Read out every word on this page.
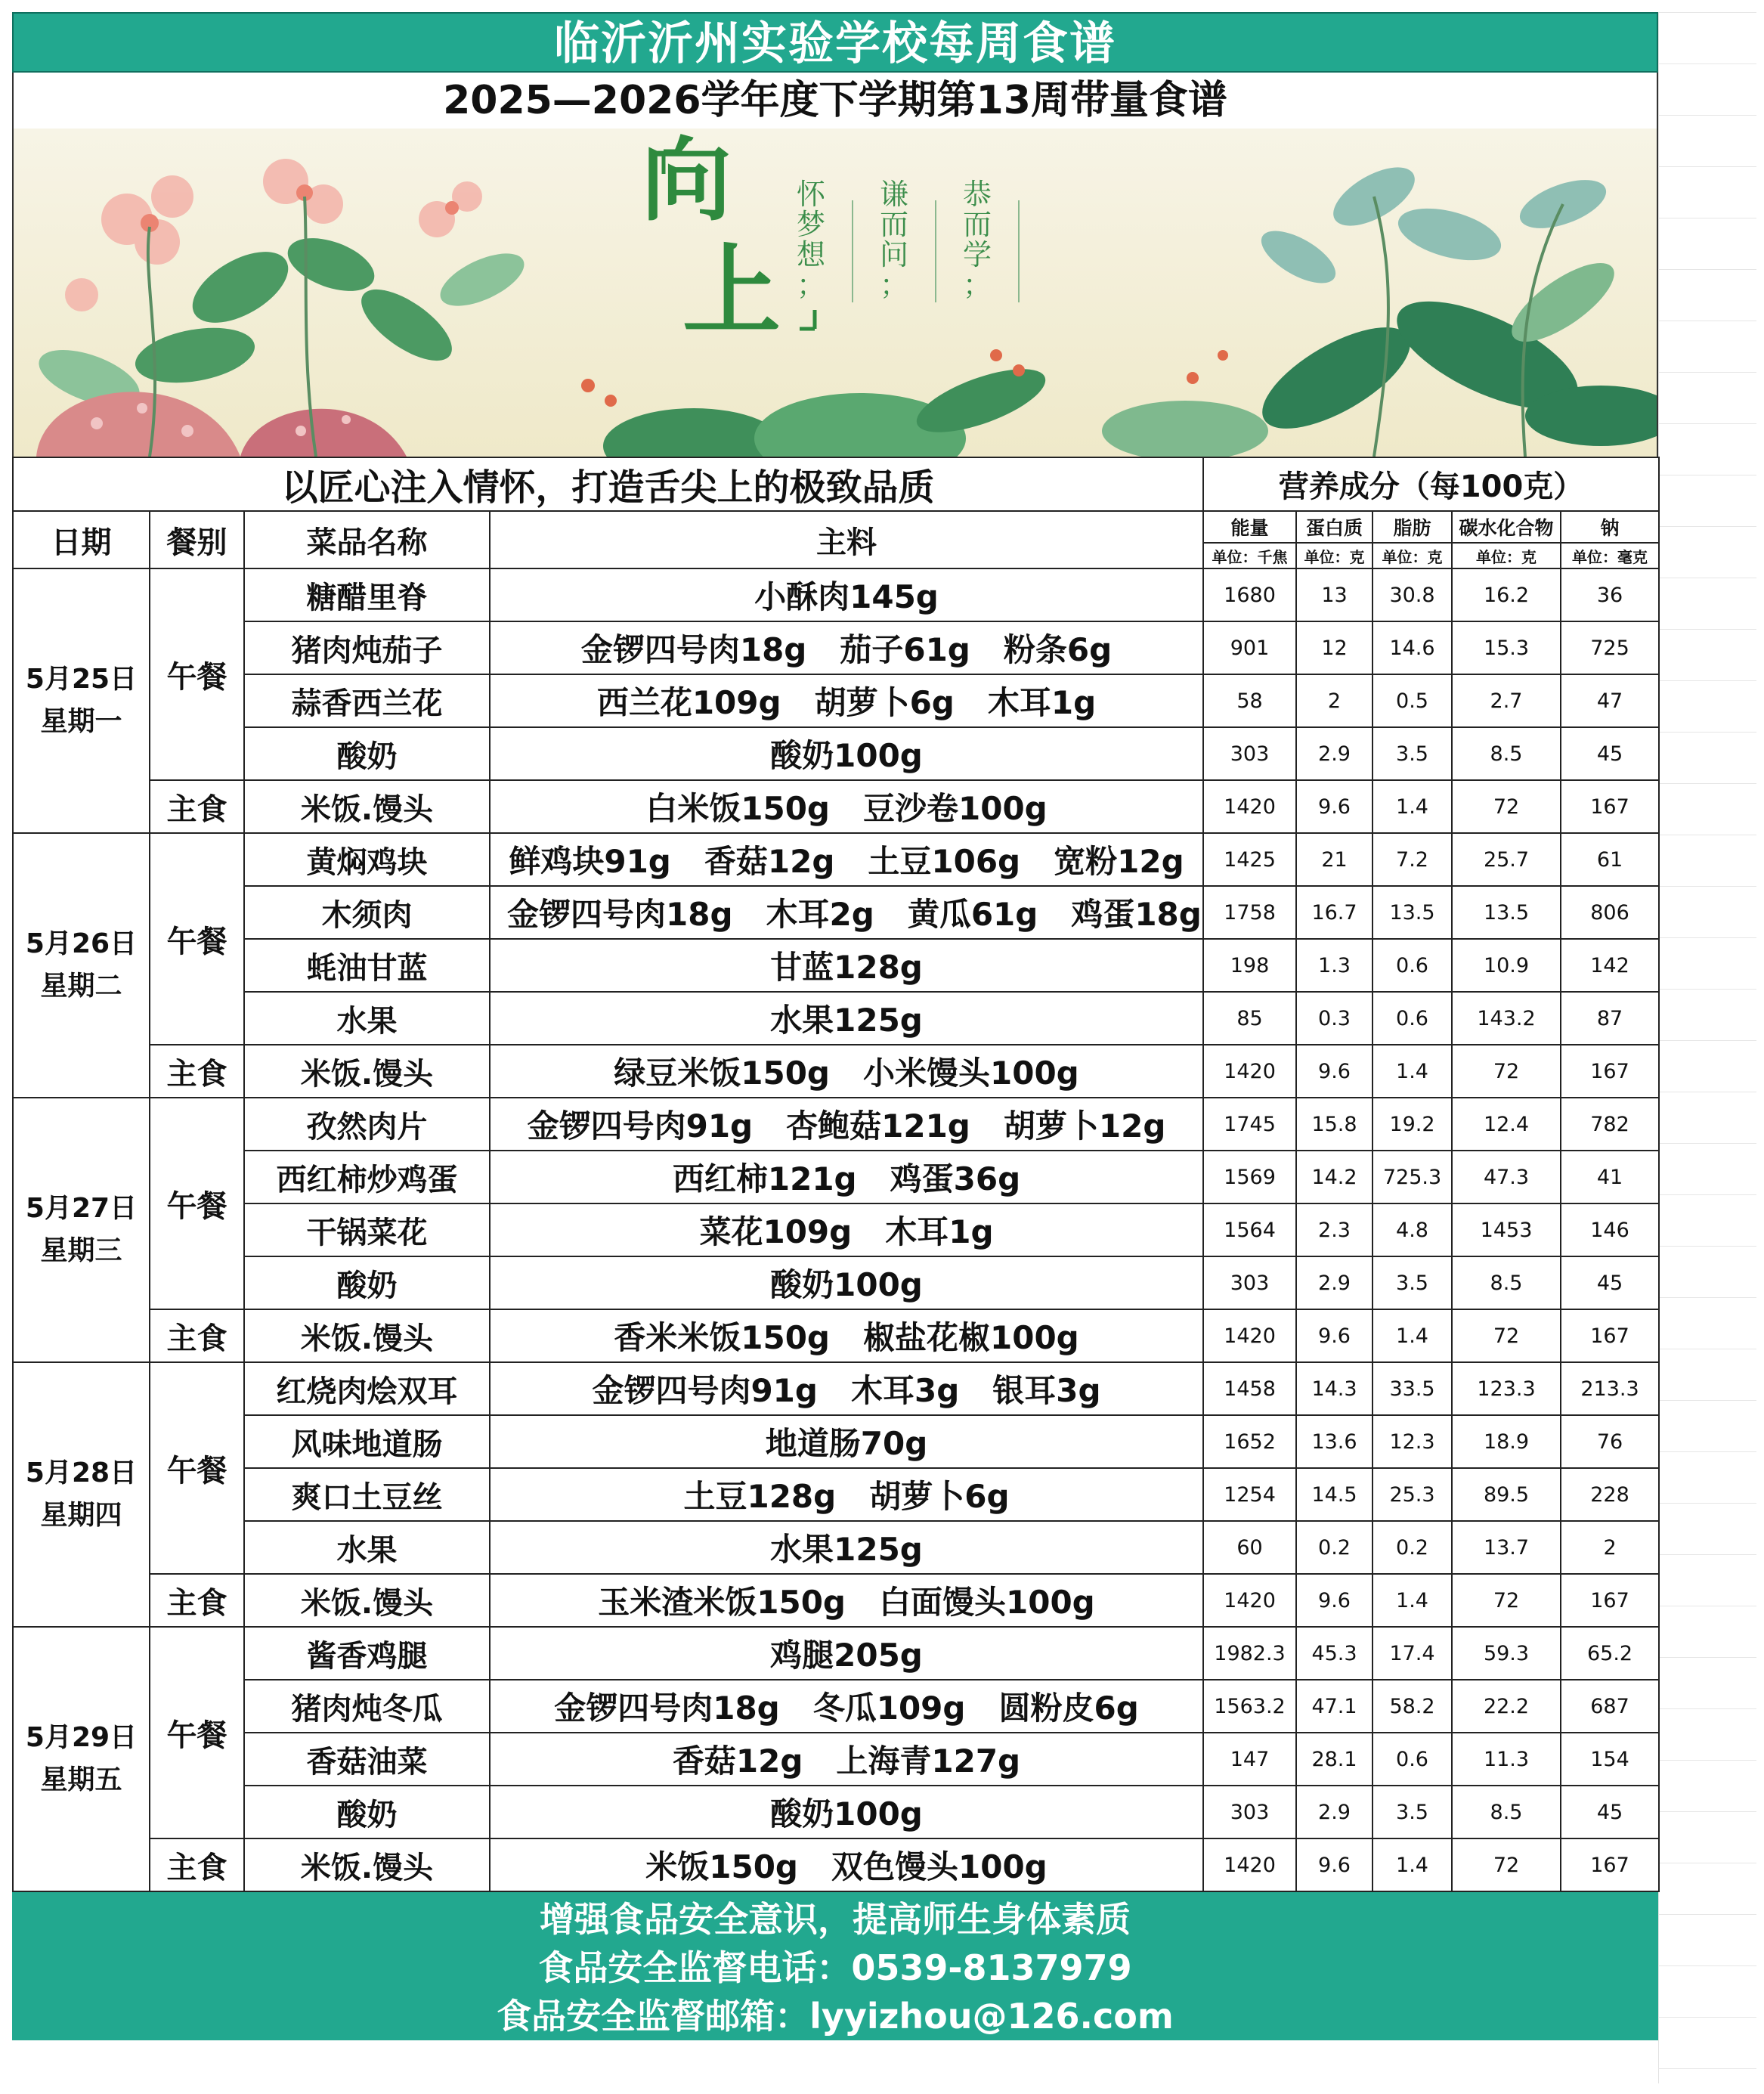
临沂沂州实验学校每周食谱
2025—2026学年度下学期第13周带量食谱
向
上
恭
而
学
；
谦
而
问
；
怀
梦
想
；
以匠心注入情怀，打造舌尖上的极致品质				营养成分（每100克）				
日期	餐别	菜品名称	主料	能量	蛋白质	脂肪	碳水化合物	钠
				单位：千焦	单位：克	单位：克	单位：克	单位：毫克

5月25日
星期一	午餐	糖醋里脊	小酥肉145g	1680	13	30.8	16.2	36
		猪肉炖茄子	金锣四号肉18g 茄子61g 粉条6g	901	12	14.6	15.3	725
		蒜香西兰花	西兰花109g 胡萝卜6g 木耳1g	58	2	0.5	2.7	47
		酸奶	酸奶100g	303	2.9	3.5	8.5	45
	主食	米饭.馒头	白米饭150g 豆沙卷100g	1420	9.6	1.4	72	167

5月26日
星期二	午餐	黄焖鸡块	鲜鸡块91g 香菇12g 土豆106g 宽粉12g	1425	21	7.2	25.7	61
		木须肉	金锣四号肉18g 木耳2g 黄瓜61g 鸡蛋18g	1758	16.7	13.5	13.5	806
		蚝油甘蓝	甘蓝128g	198	1.3	0.6	10.9	142
		水果	水果125g	85	0.3	0.6	143.2	87
	主食	米饭.馒头	绿豆米饭150g 小米馒头100g	1420	9.6	1.4	72	167

5月27日
星期三	午餐	孜然肉片	金锣四号肉91g 杏鲍菇121g 胡萝卜12g	1745	15.8	19.2	12.4	782
		西红柿炒鸡蛋	西红柿121g 鸡蛋36g	1569	14.2	725.3	47.3	41
		干锅菜花	菜花109g 木耳1g	1564	2.3	4.8	1453	146
		酸奶	酸奶100g	303	2.9	3.5	8.5	45
	主食	米饭.馒头	香米米饭150g 椒盐花椒100g	1420	9.6	1.4	72	167

5月28日
星期四	午餐	红烧肉烩双耳	金锣四号肉91g 木耳3g 银耳3g	1458	14.3	33.5	123.3	213.3
		风味地道肠	地道肠70g	1652	13.6	12.3	18.9	76
		爽口土豆丝	土豆128g 胡萝卜6g	1254	14.5	25.3	89.5	228
		水果	水果125g	60	0.2	0.2	13.7	2
	主食	米饭.馒头	玉米渣米饭150g 白面馒头100g	1420	9.6	1.4	72	167

5月29日
星期五	午餐	酱香鸡腿	鸡腿205g	1982.3	45.3	17.4	59.3	65.2
		猪肉炖冬瓜	金锣四号肉18g 冬瓜109g 圆粉皮6g	1563.2	47.1	58.2	22.2	687
		香菇油菜	香菇12g 上海青127g	147	28.1	0.6	11.3	154
		酸奶	酸奶100g	303	2.9	3.5	8.5	45
	主食	米饭.馒头	米饭150g 双色馒头100g	1420	9.6	1.4	72	167
增强食品安全意识，提高师生身体素质
食品安全监督电话：0539-8137979
食品安全监督邮箱：lyyizhou@126.com
